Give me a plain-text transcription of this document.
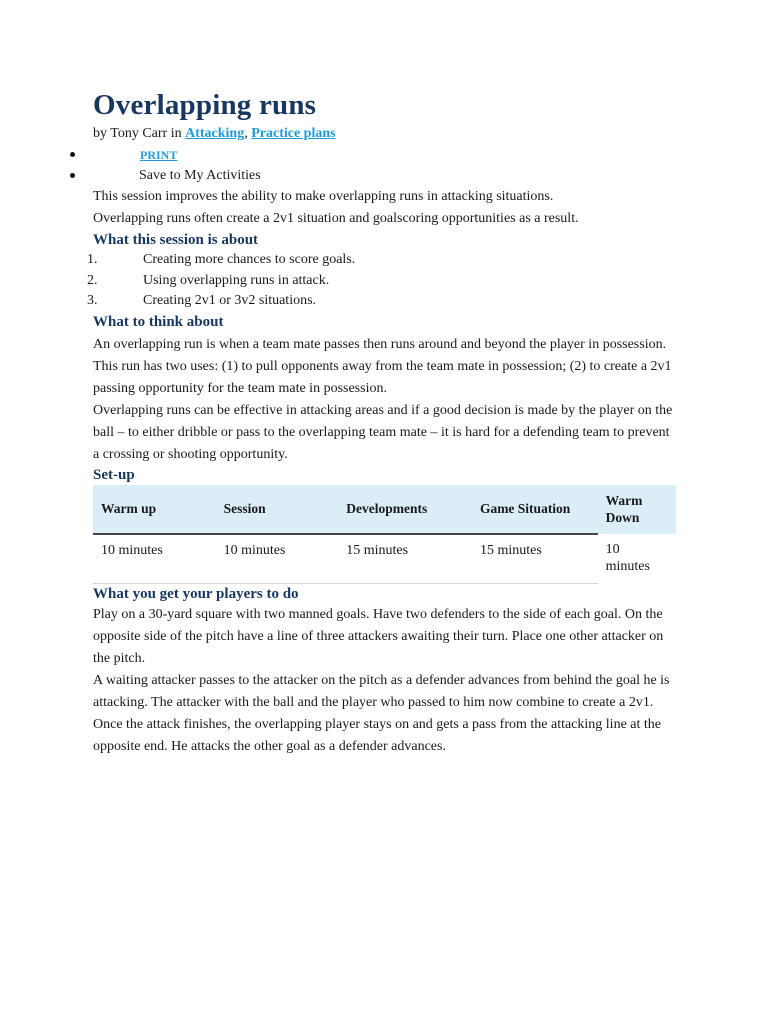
Overlapping runs
by Tony Carr in Attacking, Practice plans
PRINT
Save to My Activities

This session improves the ability to make overlapping runs in attacking situations.

Overlapping runs often create a 2v1 situation and goalscoring opportunities as a result.

What this session is about
1.	Creating more chances to score goals.
2.	Using overlapping runs in attack.
3.	Creating 2v1 or 3v2 situations.
What to think about

An overlapping run is when a team mate passes then runs around and beyond the player in possession. This run has two uses: (1) to pull opponents away from the team mate in possession; (2) to create a 2v1 passing opportunity for the team mate in possession.

Overlapping runs can be effective in attacking areas and if a good decision is made by the player on the ball – to either dribble or pass to the overlapping team mate – it is hard for a defending team to prevent a crossing or shooting opportunity.

Set-up
Warm up	Session	Developments	Game Situation	Warm Down
10 minutes	10 minutes	15 minutes	15 minutes	10 minutes
What you get your players to do

Play on a 30-yard square with two manned goals. Have two defenders to the side of each goal. On the opposite side of the pitch have a line of three attackers awaiting their turn. Place one other attacker on the pitch.

A waiting attacker passes to the attacker on the pitch as a defender advances from behind the goal he is attacking. The attacker with the ball and the player who passed to him now combine to create a 2v1.

Once the attack finishes, the overlapping player stays on and gets a pass from the attacking line at the opposite end. He attacks the other goal as a defender advances.
